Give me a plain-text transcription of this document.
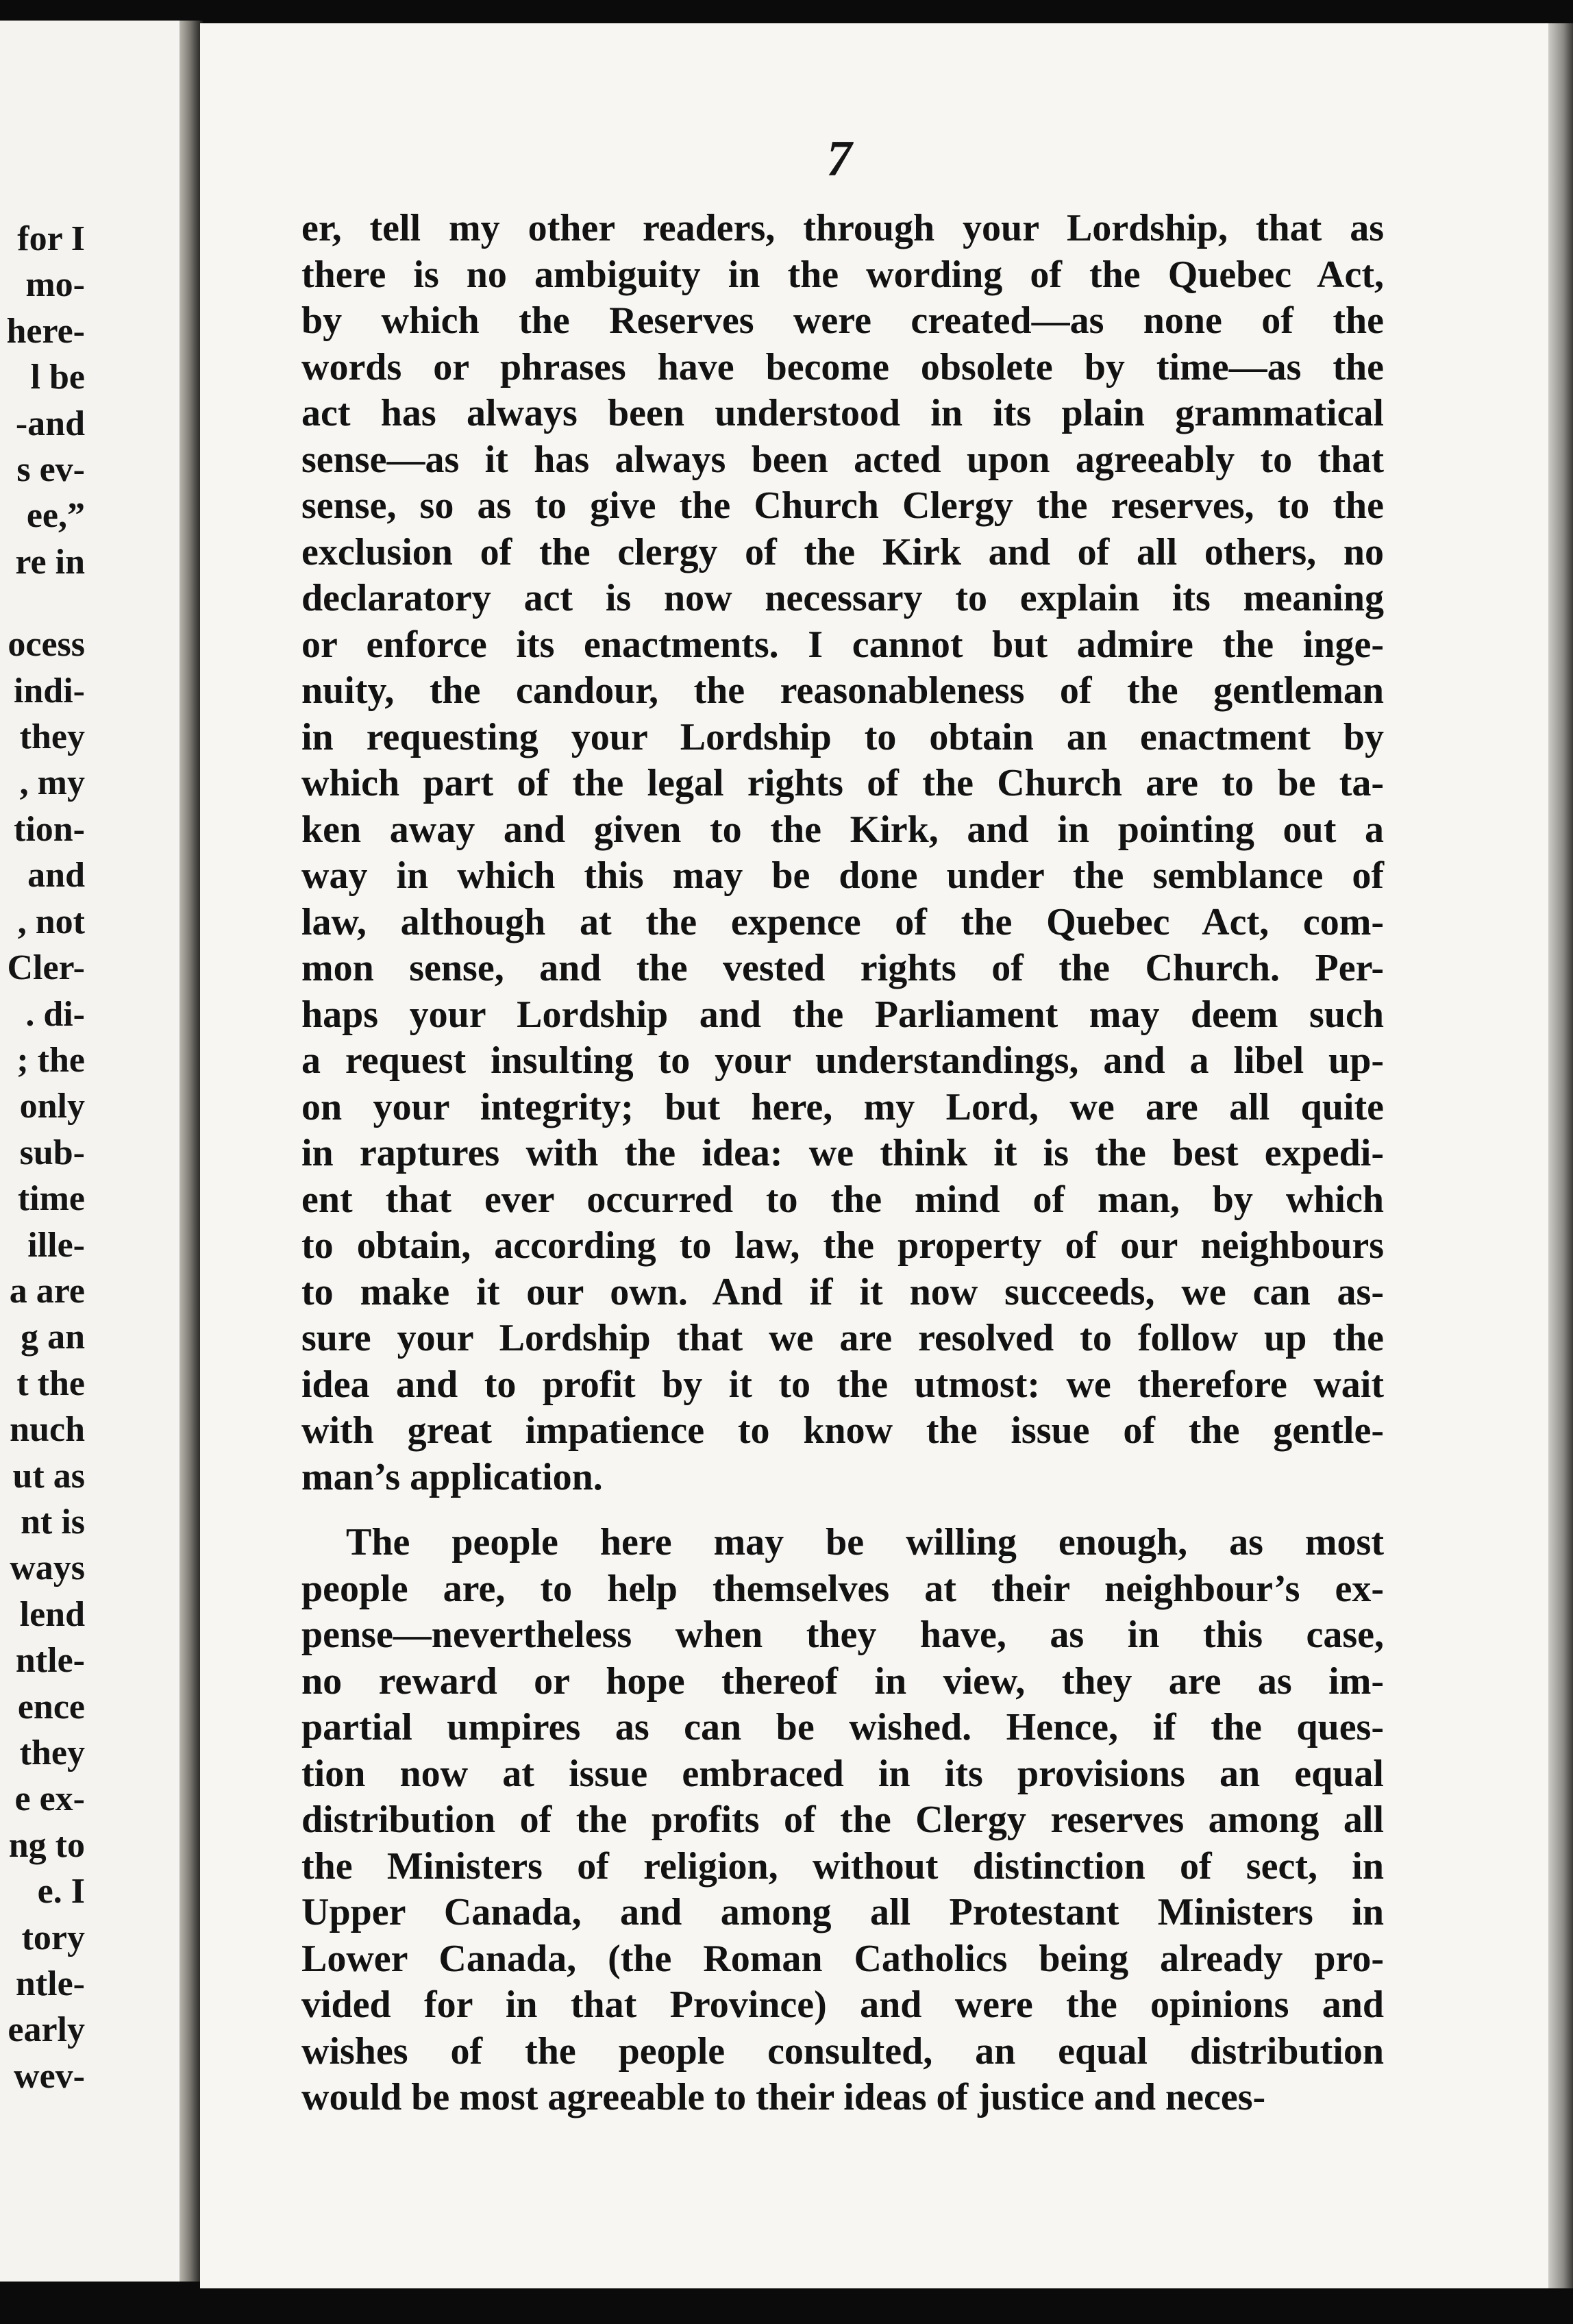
for I
mo-
here-
l be
-and
s ev-
ee,”
re in
ocess
indi-
they
, my
tion-
and
, not
Cler-
. di-
; the
only
sub-
time
ille-
a are
g an
t the
nuch
ut as
nt is
ways
lend
ntle-
ence
they
e ex-
ng to
e. I
tory
ntle-
early
wev-
7
er, tell my other readers, through your Lordship, that as
there is no ambiguity in the wording of the Quebec Act,
by which the Reserves were created—as none of the
words or phrases have become obsolete by time—as the
act has always been understood in its plain grammatical
sense—as it has always been acted upon agreeably to that
sense, so as to give the Church Clergy the reserves, to the
exclusion of the clergy of the Kirk and of all others, no
declaratory act is now necessary to explain its meaning
or enforce its enactments. I cannot but admire the inge-
nuity, the candour, the reasonableness of the gentleman
in requesting your Lordship to obtain an enactment by
which part of the legal rights of the Church are to be ta-
ken away and given to the Kirk, and in pointing out a
way in which this may be done under the semblance of
law, although at the expence of the Quebec Act, com-
mon sense, and the vested rights of the Church. Per-
haps your Lordship and the Parliament may deem such
a request insulting to your understandings, and a libel up-
on your integrity; but here, my Lord, we are all quite
in raptures with the idea: we think it is the best expedi-
ent that ever occurred to the mind of man, by which
to obtain, according to law, the property of our neighbours
to make it our own. And if it now succeeds, we can as-
sure your Lordship that we are resolved to follow up the
idea and to profit by it to the utmost: we therefore wait
with great impatience to know the issue of the gentle-
man’s application.
The people here may be willing enough, as most
people are, to help themselves at their neighbour’s ex-
pense—nevertheless when they have, as in this case,
no reward or hope thereof in view, they are as im-
partial umpires as can be wished. Hence, if the ques-
tion now at issue embraced in its provisions an equal
distribution of the profits of the Clergy reserves among all
the Ministers of religion, without distinction of sect, in
Upper Canada, and among all Protestant Ministers in
Lower Canada, (the Roman Catholics being already pro-
vided for in that Province) and were the opinions and
wishes of the people consulted, an equal distribution
would be most agreeable to their ideas of justice and neces-
